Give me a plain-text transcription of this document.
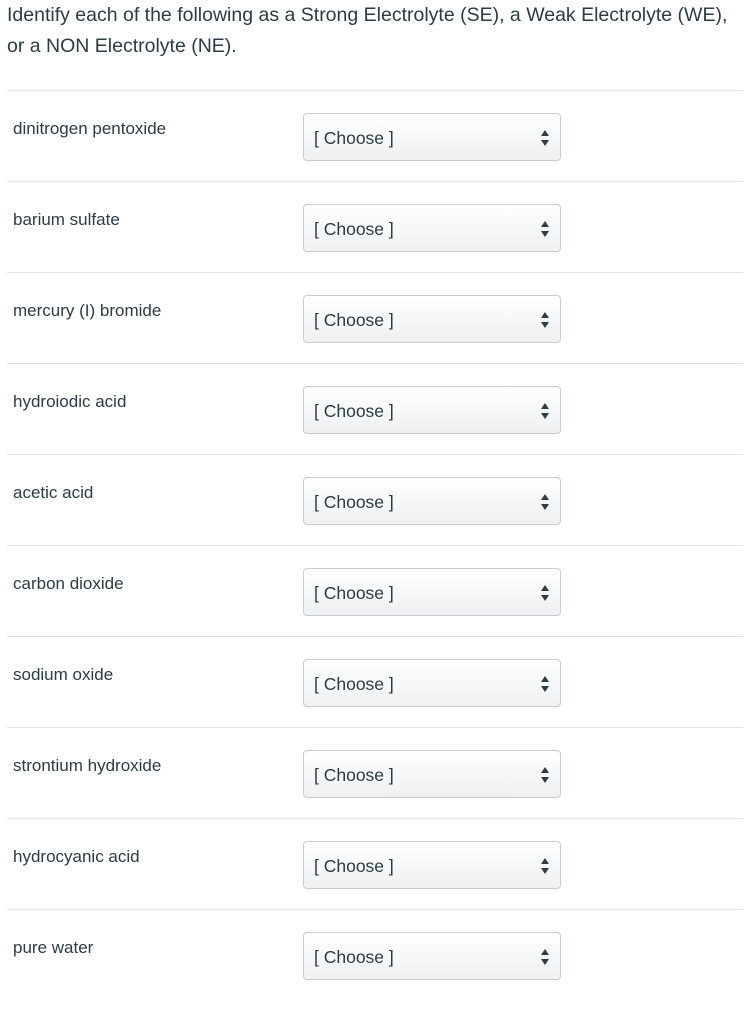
Identify each of the following as a Strong Electrolyte (SE), a Weak Electrolyte (WE), or a NON Electrolyte (NE).

dinitrogen pentoxide	[ Choose ]
barium sulfate	[ Choose ]
mercury (I) bromide	[ Choose ]
hydroiodic acid	[ Choose ]
acetic acid	[ Choose ]
carbon dioxide	[ Choose ]
sodium oxide	[ Choose ]
strontium hydroxide	[ Choose ]
hydrocyanic acid	[ Choose ]
pure water	[ Choose ]
